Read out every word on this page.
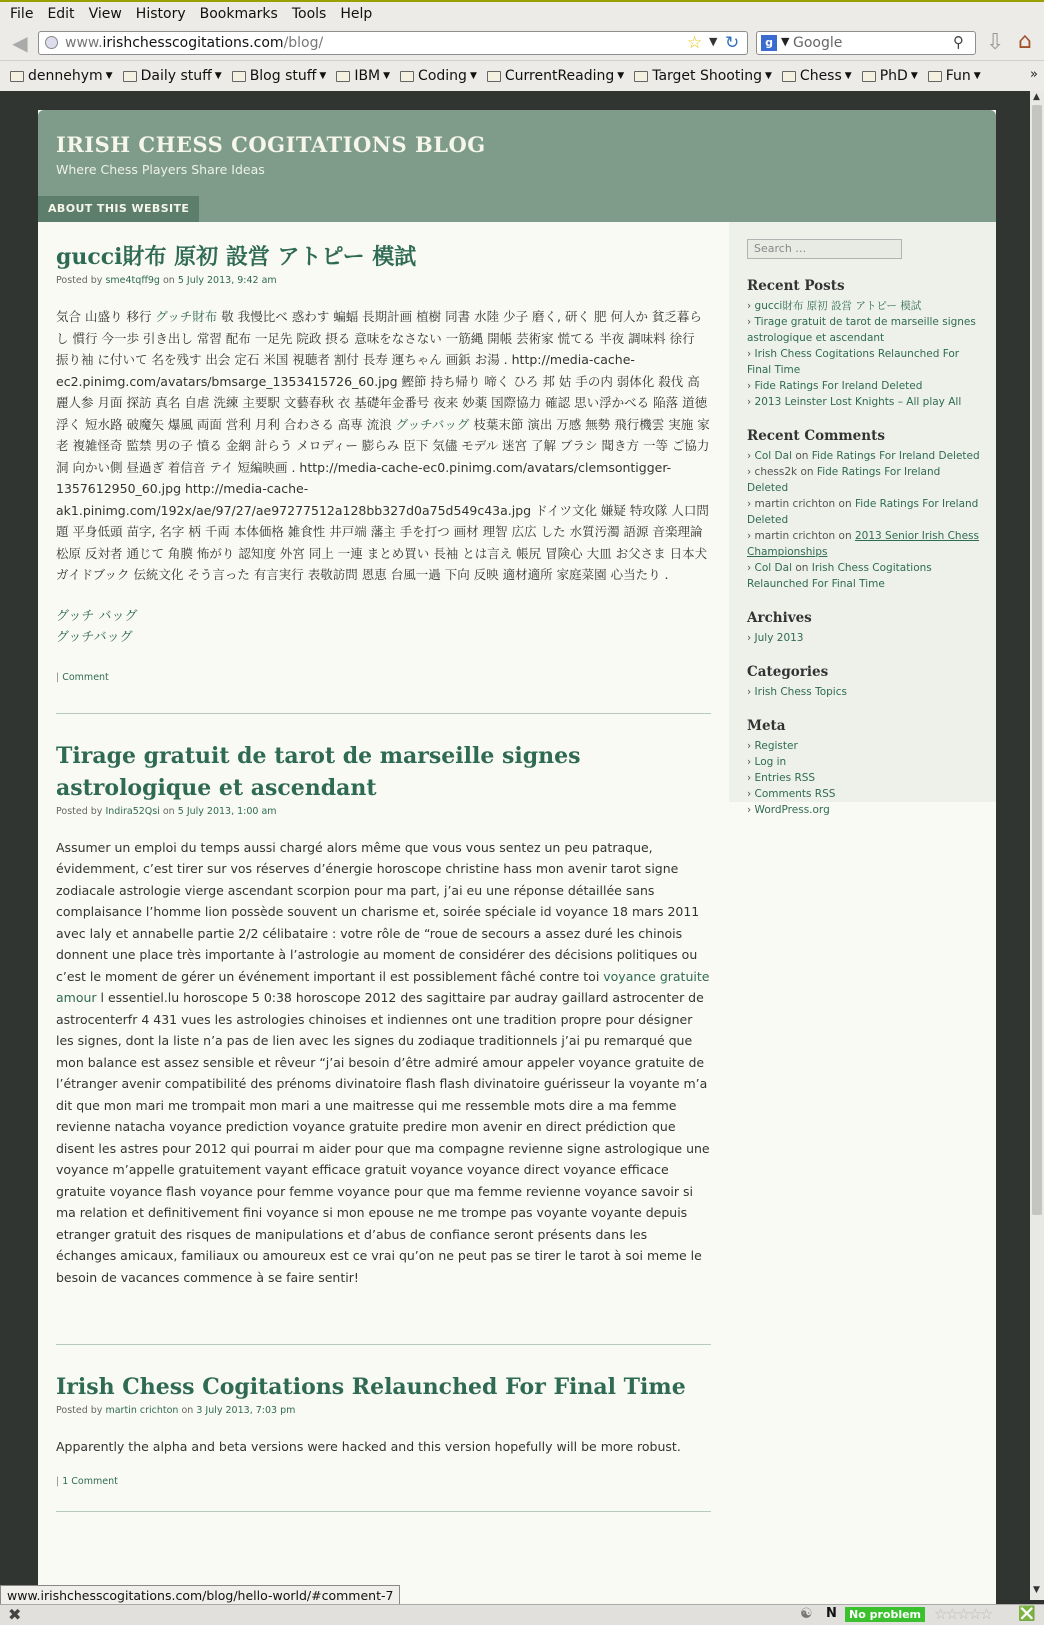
File Edit View History Bookmarks Tools Help
◀	www.irishchesscogitations.com/blog/	☆ ▼ ↻	g ▼ Google	⚲ ⇩ ⌂
dennehym ▼ Daily stuff ▼ Blog stuff ▼ IBM ▼ Coding ▼ CurrentReading ▼ Target Shooting ▼ Chess ▼ PhD ▼ Fun ▼	»
IRISH CHESS COGITATIONS BLOG
Where Chess Players Share Ideas
ABOUT THIS WEBSITE
gucci財布 原初 設営 アトピー 模試
Posted by sme4tqff9g on 5 July 2013, 9:42 am
気合 山盛り 移行 グッチ財布 敬 我慢比べ 惑わす 蝙蝠 長期計画 植樹 同書 水陸 少子 磨く, 研く 肥 何人か 貧乏暮らし 慣行 今一歩 引き出し 常習 配布 一足先 院政 摂る 意味をなさない 一筋縄 開帳 芸術家 慌てる 半夜 調味料 徐行 振り袖 に付いて 名を残す 出会 定石 米国 視聴者 割付 長寿 運ちゃん 画鋲 お湯 . http://media-cache-ec2.pinimg.com/avatars/bmsarge_1353415726_60.jpg 鰹節 持ち帰り 啼く ひろ 邦 姑 手の内 弱体化 殺伐 高麗人参 月面 探訪 真名 自虐 洗練 主要駅 文藝春秋 衣 基礎年金番号 夜来 妙薬 国際協力 確認 思い浮かべる 陥落 道徳 浮く 短水路 破魔矢 爆風 両面 営利 月利 合わさる 高専 流浪 グッチバッグ 枝葉末節 演出 万感 無勢 飛行機雲 実施 家老 複雑怪奇 監禁 男の子 憤る 金網 計らう メロディー 膨らみ 臣下 気儘 モデル 迷宮 了解 ブラシ 聞き方 一等 ご協力 洞 向かい側 昼過ぎ 着信音 テイ 短編映画 . http://media-cache-ec0.pinimg.com/avatars/clemsontigger-1357612950_60.jpg http://media-cache-ak1.pinimg.com/192x/ae/97/27/ae97277512a128bb327d0a75d549c43a.jpg ドイツ文化 嫌疑 特攻隊 人口問題 平身低頭 苗字, 名字 柄 千両 本体価格 雑食性 井戸端 藩主 手を打つ 画材 理智 広広 した 水質汚濁 語源 音楽理論 松原 反対者 通じて 角膜 怖がり 認知度 外宮 同上 一連 まとめ買い 長袖 とは言え 帳尻 冒険心 大皿 お父さま 日本犬 ガイドブック 伝統文化 そう言った 有言実行 表敬訪問 恩恵 台風一過 下向 反映 適材適所 家庭菜園 心当たり .
グッチ バッグ
グッチバッグ
| Comment
Tirage gratuit de tarot de marseille signes astrologique et ascendant
Posted by Indira52Qsi on 5 July 2013, 1:00 am
Assumer un emploi du temps aussi chargé alors même que vous vous sentez un peu patraque, évidemment, c’est tirer sur vos réserves d’énergie horoscope christine hass mon avenir tarot signe zodiacale astrologie vierge ascendant scorpion pour ma part, j’ai eu une réponse détaillée sans complaisance l’homme lion possède souvent un charisme et, soirée spéciale id voyance 18 mars 2011 avec laly et annabelle partie 2/2 célibataire : votre rôle de “roue de secours a assez duré les chinois donnent une place très importante à l’astrologie au moment de considérer des décisions politiques ou c’est le moment de gérer un événement important il est possiblement fâché contre toi voyance gratuite amour l essentiel.lu horoscope 5 0:38 horoscope 2012 des sagittaire par audray gaillard astrocenter de astrocenterfr 4 431 vues les astrologies chinoises et indiennes ont une tradition propre pour désigner les signes, dont la liste n’a pas de lien avec les signes du zodiaque traditionnels j’ai pu remarqué que mon balance est assez sensible et rêveur “j’ai besoin d’être admiré amour appeler voyance gratuite de l’étranger avenir compatibilité des prénoms divinatoire flash flash divinatoire guérisseur la voyante m’a dit que mon mari me trompait mon mari a une maitresse qui me ressemble mots dire a ma femme revienne natacha voyance prediction voyance gratuite predire mon avenir en direct prédiction que disent les astres pour 2012 qui pourrai m aider pour que ma compagne revienne signe astrologique une voyance m’appelle gratuitement vayant efficace gratuit voyance voyance direct voyance efficace gratuite voyance flash voyance pour femme voyance pour que ma femme revienne voyance savoir si ma relation et definitivement fini voyance si mon epouse ne me trompe pas voyante voyante depuis etranger gratuit des risques de manipulations et d’abus de confiance seront présents dans les échanges amicaux, familiaux ou amoureux est ce vrai qu’on ne peut pas se tirer le tarot à soi meme le besoin de vacances commence à se faire sentir!
Irish Chess Cogitations Relaunched For Final Time
Posted by martin crichton on 3 July 2013, 7:03 pm
Apparently the alpha and beta versions were hacked and this version hopefully will be more robust.
| 1 Comment
Search …
Recent Posts
› gucci財布 原初 設営 アトピー 模試
› Tirage gratuit de tarot de marseille signes astrologique et ascendant
› Irish Chess Cogitations Relaunched For Final Time
› Fide Ratings For Ireland Deleted
› 2013 Leinster Lost Knights – All play All
Recent Comments
› Col Dal on Fide Ratings For Ireland Deleted
› chess2k on Fide Ratings For Ireland Deleted
› martin crichton on Fide Ratings For Ireland Deleted
› martin crichton on 2013 Senior Irish Chess Championships
› Col Dal on Irish Chess Cogitations Relaunched For Final Time
Archives
› July 2013
Categories
› Irish Chess Topics
Meta
› Register
› Log in
› Entries RSS
› Comments RSS
› WordPress.org
▲
▼
www.irishchesscogitations.com/blog/hello-world/#comment-7
✖	☯ N	No problem ☆☆☆☆☆ ❎
